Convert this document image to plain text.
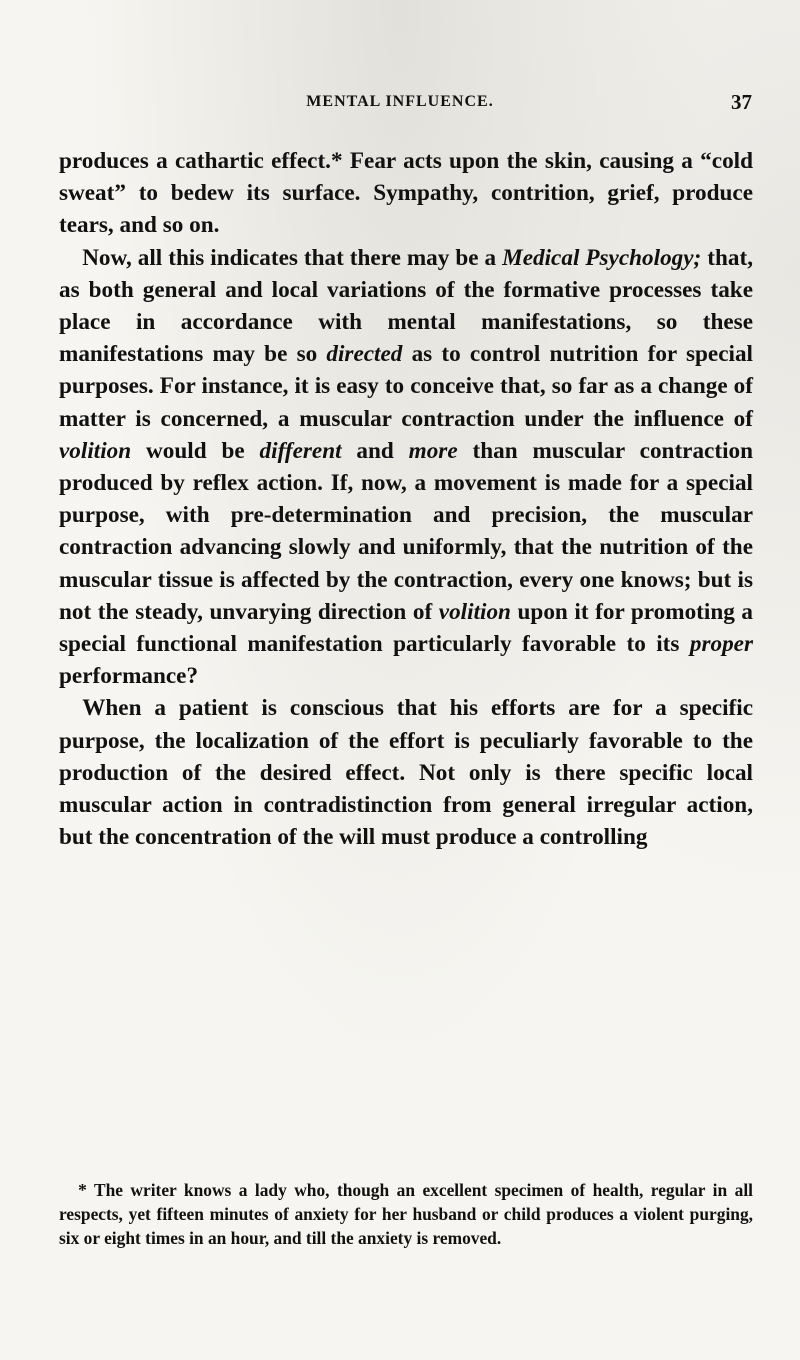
MENTAL INFLUENCE.	37

produces a cathartic effect.* Fear acts upon the skin, causing a “cold sweat” to bedew its surface. Sympathy, contrition, grief, produce tears, and so on.

Now, all this indicates that there may be a Medical Psychology; that, as both general and local variations of the formative processes take place in accordance with mental manifestations, so these manifestations may be so directed as to control nutrition for special purposes. For instance, it is easy to conceive that, so far as a change of matter is concerned, a muscular contraction under the influence of volition would be different and more than muscular contraction produced by reflex action. If, now, a movement is made for a special purpose, with pre-determination and precision, the muscular contraction advancing slowly and uniformly, that the nutrition of the muscular tissue is affected by the contraction, every one knows; but is not the steady, unvarying direction of volition upon it for promoting a special functional manifestation particularly favorable to its proper performance?

When a patient is conscious that his efforts are for a specific purpose, the localization of the effort is peculiarly favorable to the production of the desired effect. Not only is there specific local muscular action in contradistinction from general irregular action, but the concentration of the will must produce a controlling

* The writer knows a lady who, though an excellent specimen of health, regular in all respects, yet fifteen minutes of anxiety for her husband or child produces a violent purging, six or eight times in an hour, and till the anxiety is removed.
